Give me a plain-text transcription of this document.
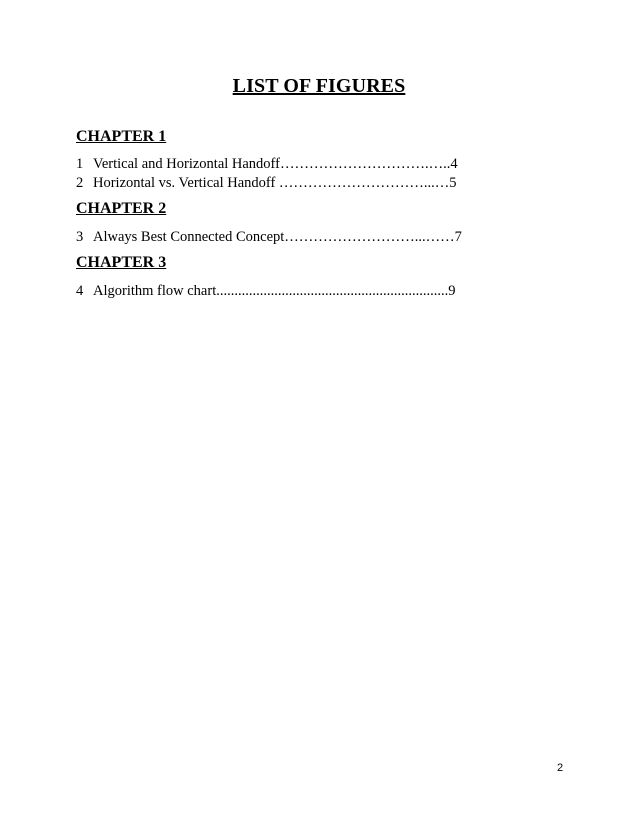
LIST OF FIGURES
CHAPTER 1
1 Vertical and Horizontal Handoff………………………….…..4
2 Horizontal vs. Vertical Handoff …………………………...…5
CHAPTER 2
3 Always Best Connected Concept………………………...……7
CHAPTER 3
4 Algorithm flow chart................................................................9
2
